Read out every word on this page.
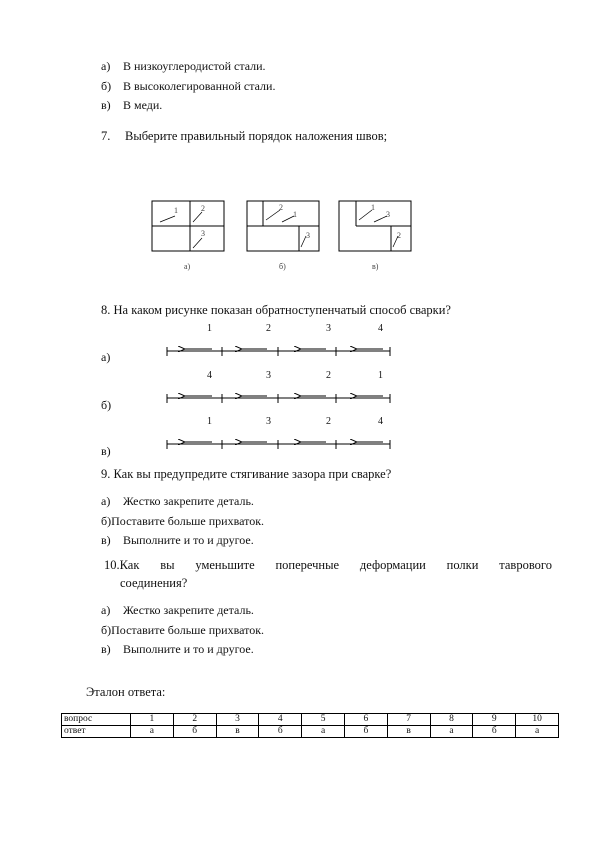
а) В низкоуглеродистой стали.
б) В высоколегированной стали.
в) В меди.
7. Выберите правильный порядок наложения швов;
1	2
3
2
1
3
1
3
2
а)	б)	в)
8. На каком рисунке показан обратноступенчатый способ сварки?
1	2	3	4
а)
4	3	2	1
б)
1	3	2	4
в)
9. Как вы предупредите стягивание зазора при сварке?
а) Жестко закрепите деталь.
б)Поставите больше прихваток.
в) Выполните и то и другое.
10.Как вы уменьшите поперечные деформации полки таврового
соединения?
а) Жестко закрепите деталь.
б)Поставите больше прихваток.
в) Выполните и то и другое.
Эталон ответа:
вопрос	1	2	3	4	5	6	7	8	9	10
ответ	а	б	в	б	а	б	в	а	б	а
